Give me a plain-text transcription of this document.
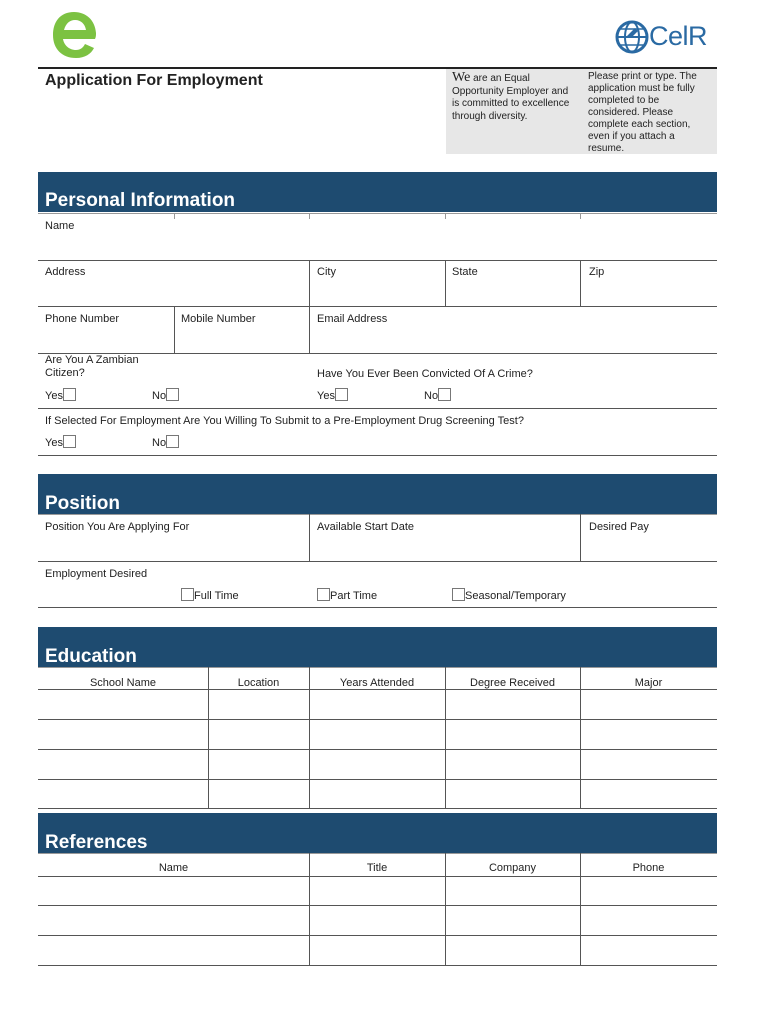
CelR
Application For Employment	We are an Equal Opportunity Employer and is committed to excellence through diversity.
Please print or type. The application must be fully completed to be considered. Please complete each section, even if you attach a resume.
Personal Information
Name
Address	City	State	Zip
Phone Number	Mobile Number	Email Address
Are You A Zambian Citizen?	Have You Ever Been Convicted Of A Crime?
Yes	No	Yes	No
If Selected For Employment Are You Willing To Submit to a Pre-Employment Drug Screening Test?
Yes	No
Position
Position You Are Applying For	Available Start Date	Desired Pay
Employment Desired
Full Time	Part Time	Seasonal/Temporary
Education
School Name	Location	Years Attended	Degree Received	Major
References
Name	Title	Company	Phone
